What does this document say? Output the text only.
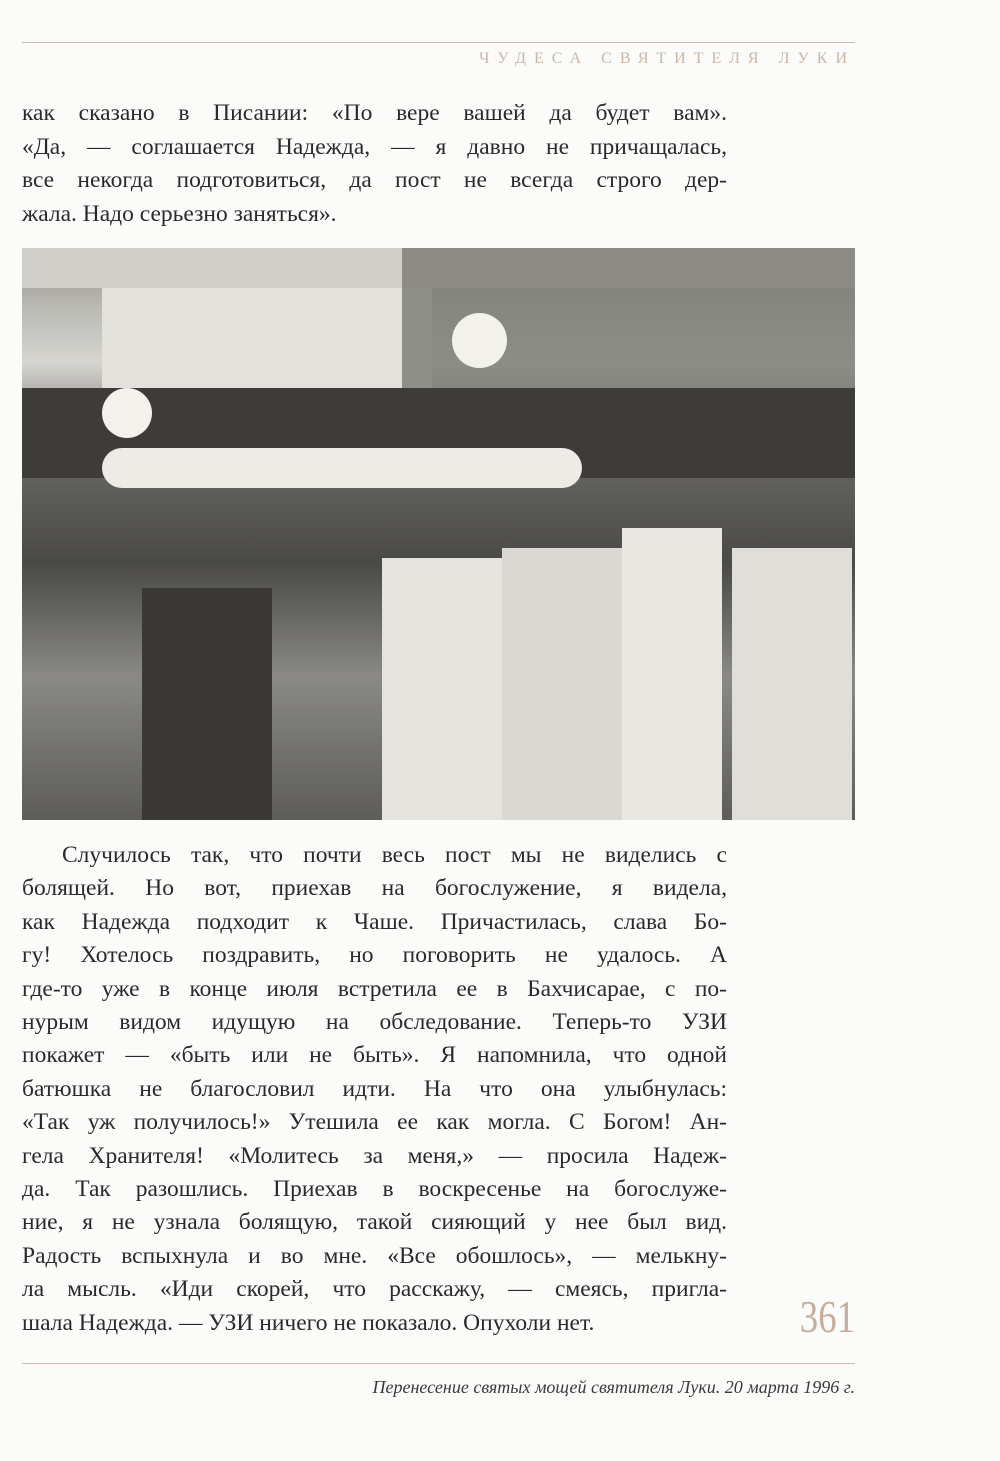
ЧУДЕСА СВЯТИТЕЛЯ ЛУКИ
как сказано в Писании: «По вере вашей да будет вам».
«Да, — соглашается Надежда, — я давно не причащалась,
все некогда подготовиться, да пост не всегда строго дер-
жала. Надо серьезно заняться».
Случилось так, что почти весь пост мы не виделись с
болящей. Но вот, приехав на богослужение, я видела,
как Надежда подходит к Чаше. Причастилась, слава Бо-
гу! Хотелось поздравить, но поговорить не удалось. А
где-то уже в конце июля встретила ее в Бахчисарае, с по-
нурым видом идущую на обследование. Теперь-то УЗИ
покажет — «быть или не быть». Я напомнила, что одной
батюшка не благословил идти. На что она улыбнулась:
«Так уж получилось!» Утешила ее как могла. С Богом! Ан-
гела Хранителя! «Молитесь за меня,» — просила Надеж-
да. Так разошлись. Приехав в воскресенье на богослуже-
ние, я не узнала болящую, такой сияющий у нее был вид.
Радость вспыхнула и во мне. «Все обошлось», — мелькну-
ла мысль. «Иди скорей, что расскажу, — смеясь, пригла-
шала Надежда. — УЗИ ничего не показало. Опухоли нет.	361
Перенесение святых мощей святителя Луки. 20 марта 1996 г.
